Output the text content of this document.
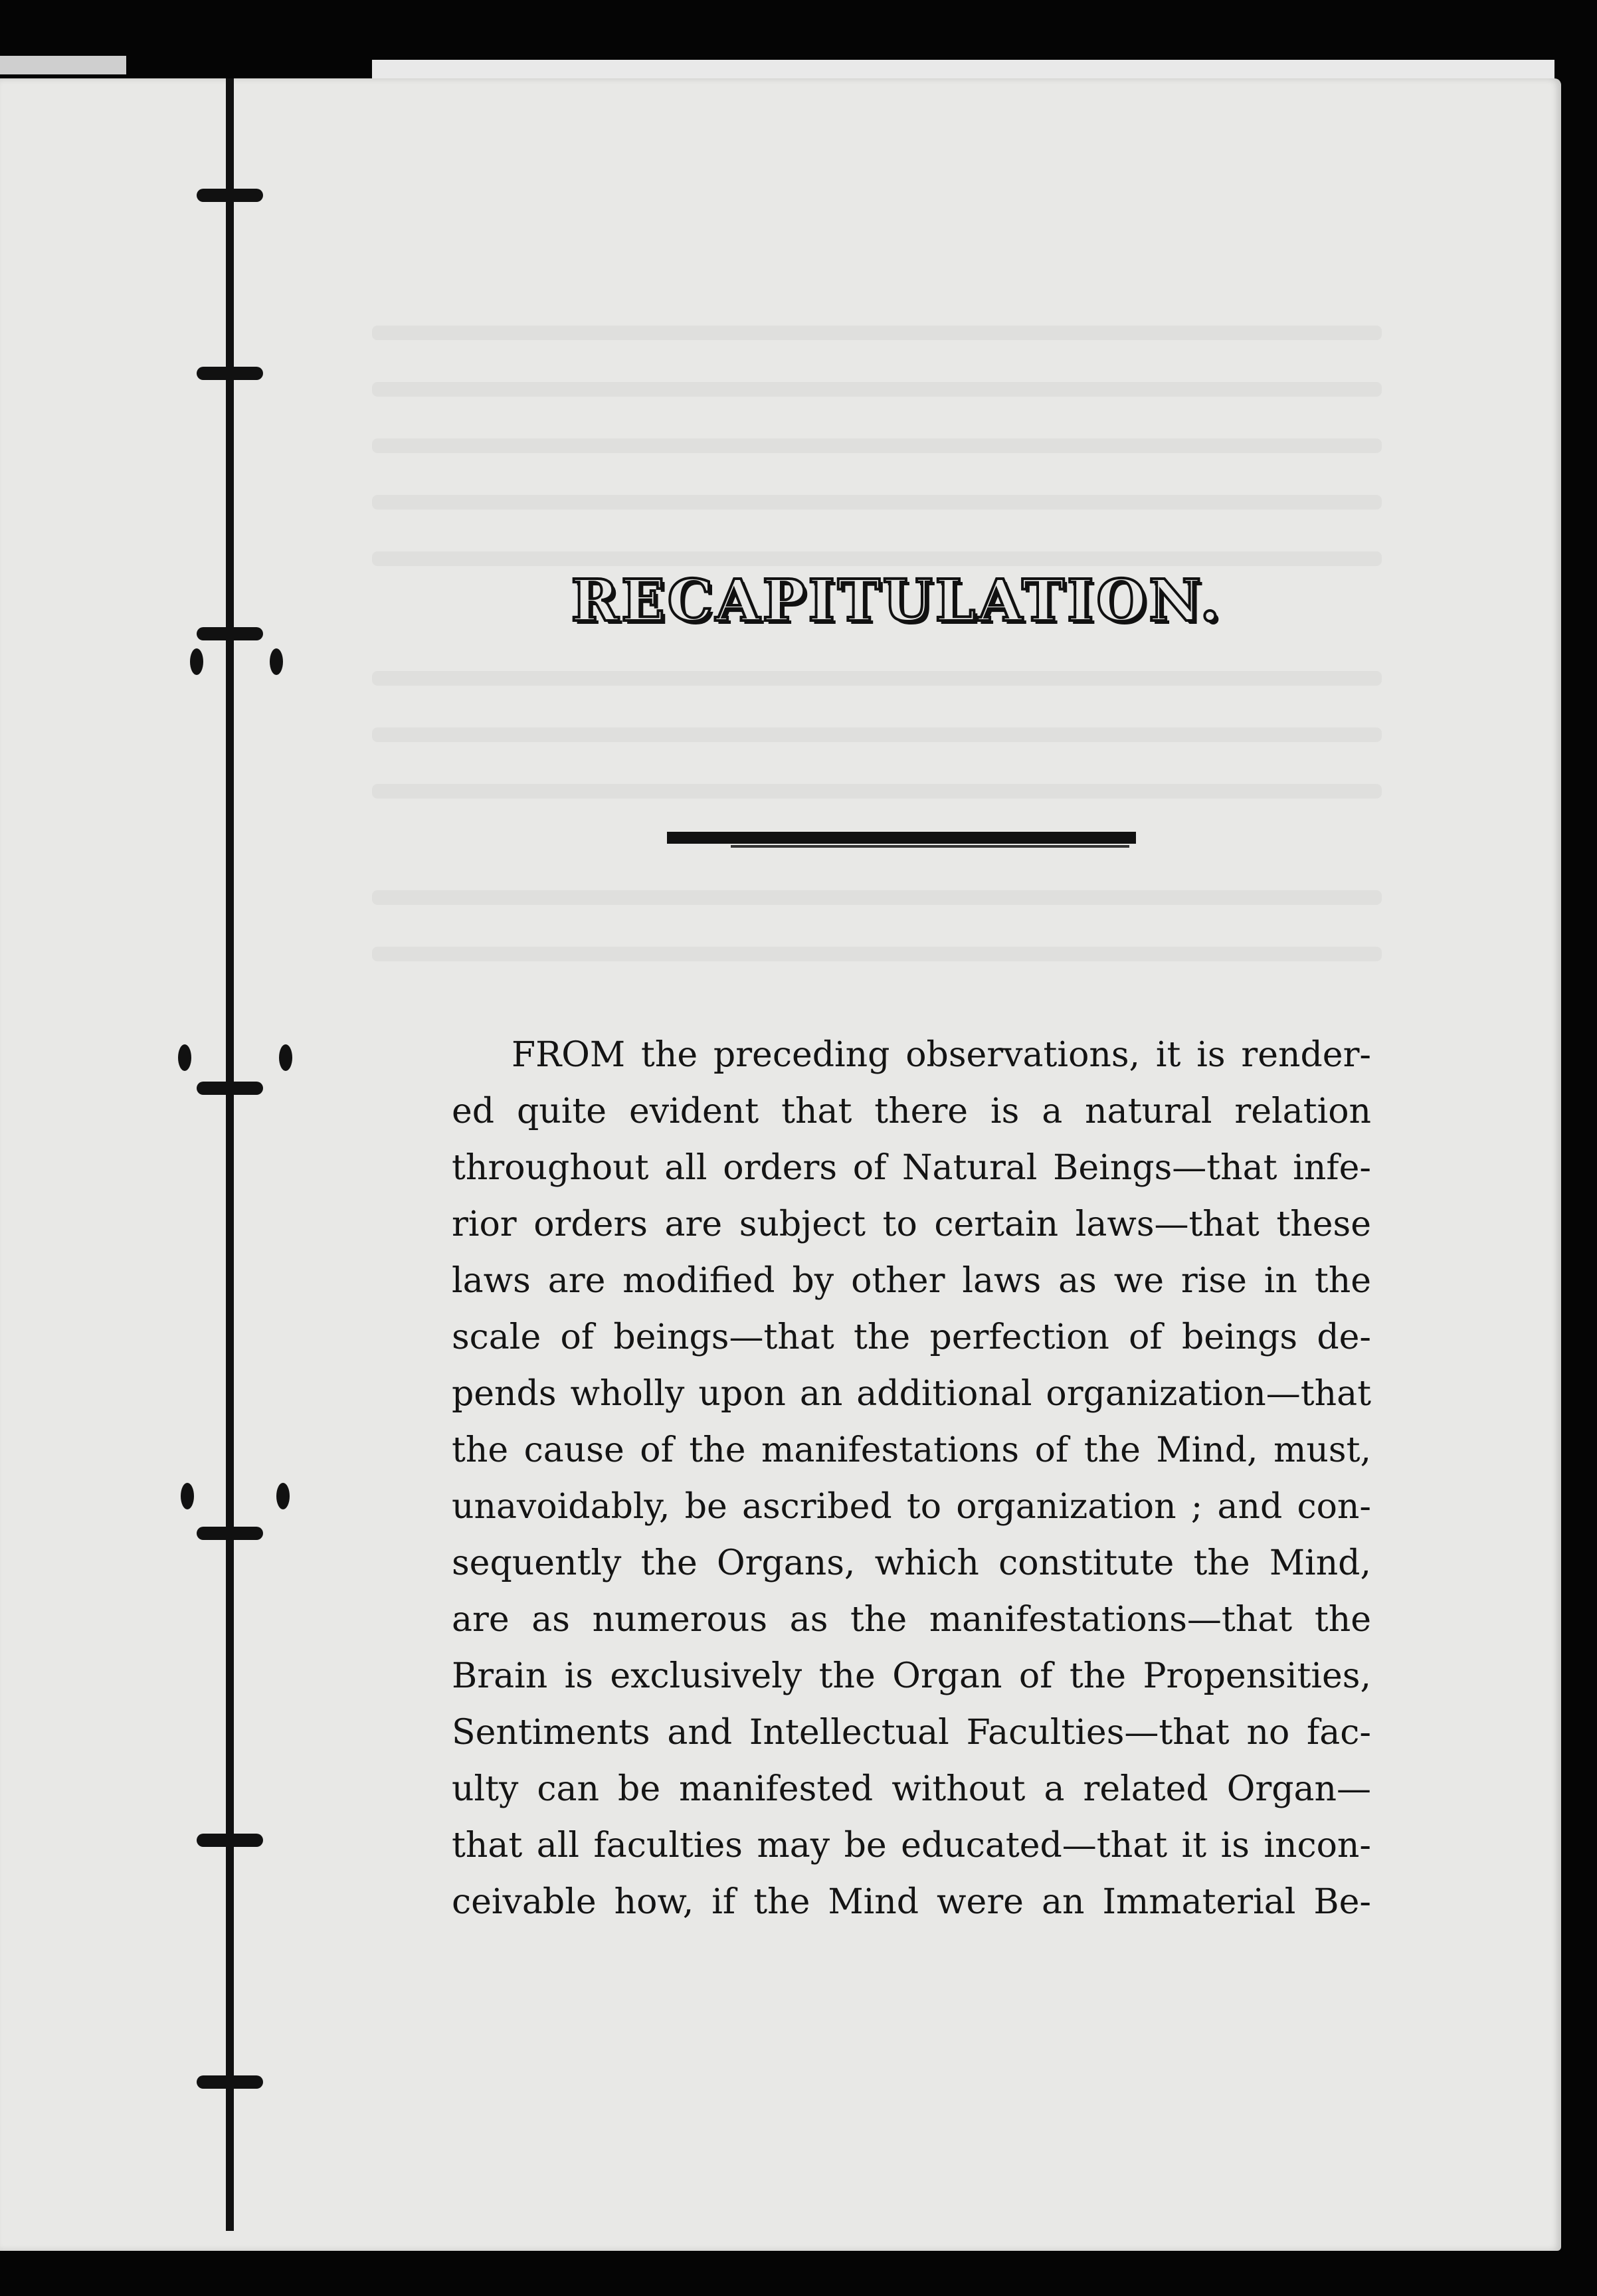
RECAPITULATION.
FROM the preceding observations, it is render-
ed quite evident that there is a natural relation
throughout all orders of Natural Beings—that infe-
rior orders are subject to certain laws—that these
laws are modified by other laws as we rise in the
scale of beings—that the perfection of beings de-
pends wholly upon an additional organization—that
the cause of the manifestations of the Mind, must,
unavoidably, be ascribed to organization ; and con-
sequently the Organs, which constitute the Mind,
are as numerous as the manifestations—that the
Brain is exclusively the Organ of the Propensities,
Sentiments and Intellectual Faculties—that no fac-
ulty can be manifested without a related Organ—
that all faculties may be educated—that it is incon-
ceivable how, if the Mind were an Immaterial Be-
